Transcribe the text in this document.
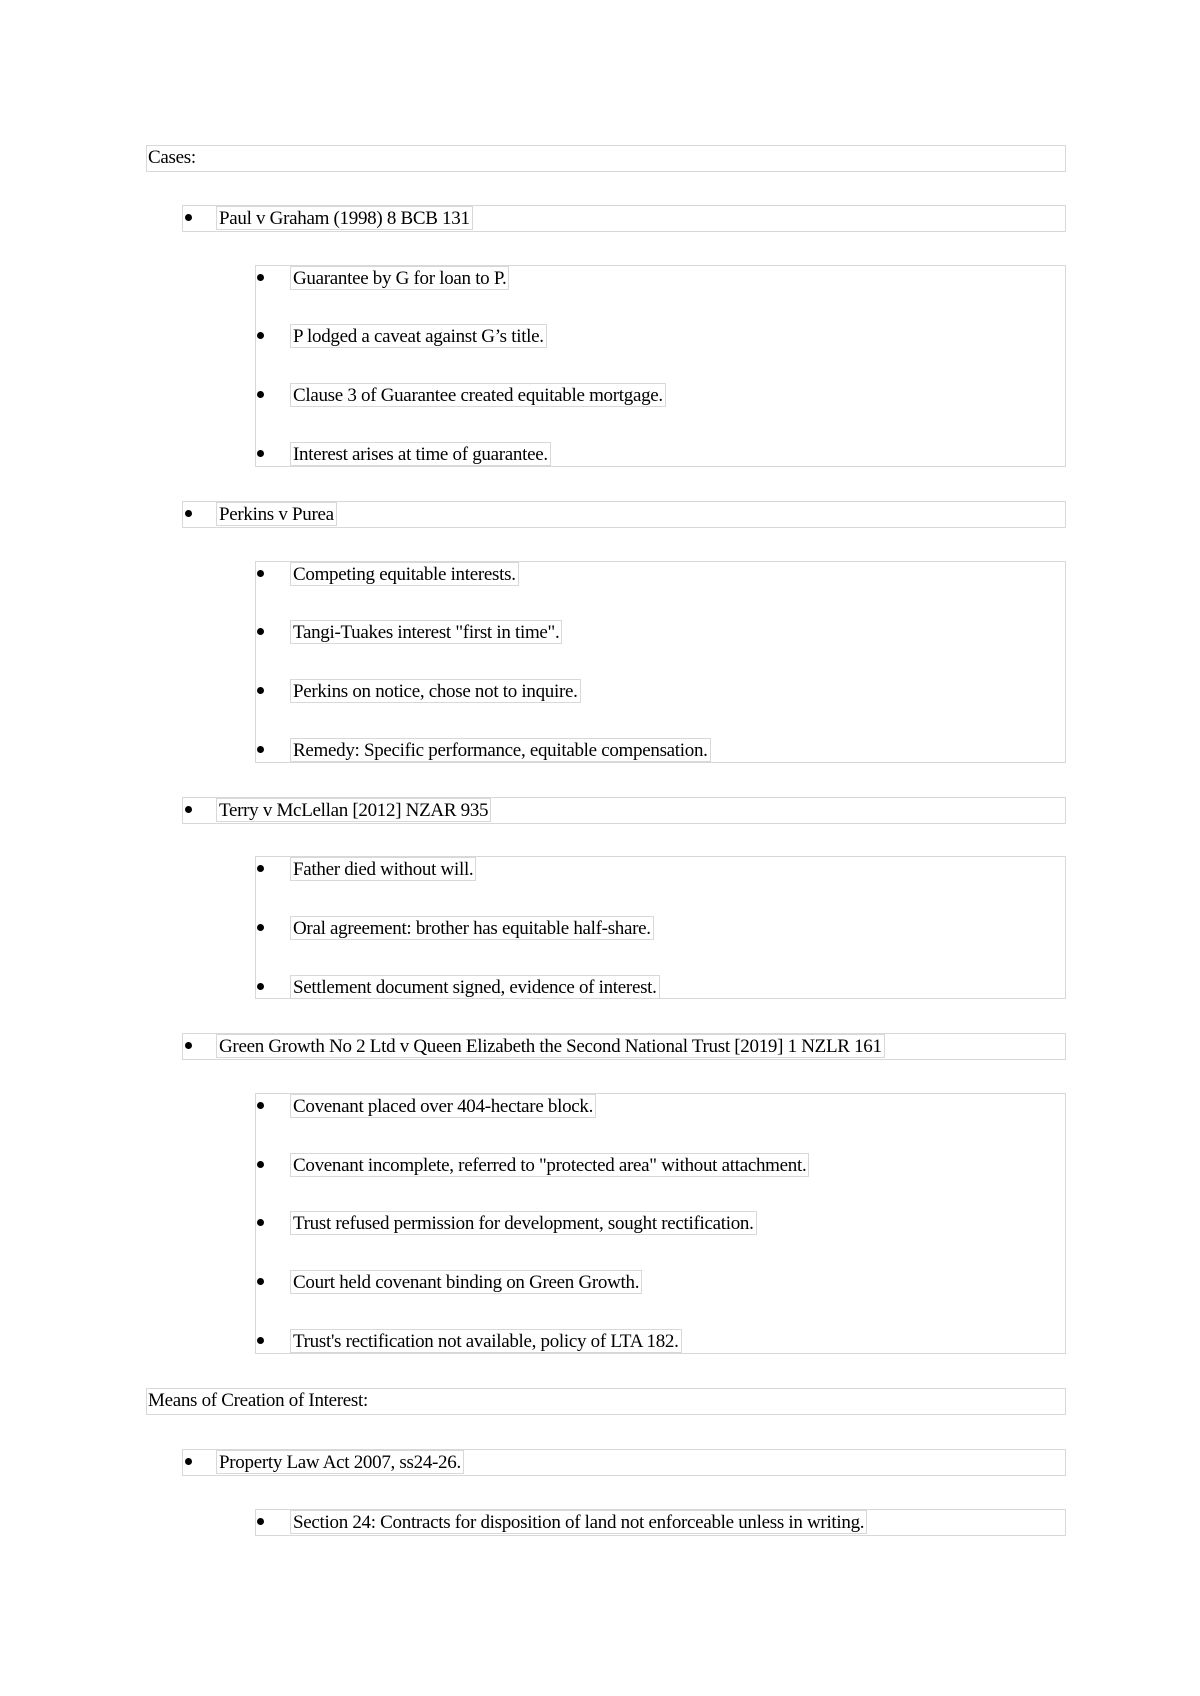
Cases:
Paul v Graham (1998) 8 BCB 131
Guarantee by G for loan to P.
P lodged a caveat against G’s title.
Clause 3 of Guarantee created equitable mortgage.
Interest arises at time of guarantee.
Perkins v Purea
Competing equitable interests.
Tangi-Tuakes interest "first in time".
Perkins on notice, chose not to inquire.
Remedy: Specific performance, equitable compensation.
Terry v McLellan [2012] NZAR 935
Father died without will.
Oral agreement: brother has equitable half-share.
Settlement document signed, evidence of interest.
Green Growth No 2 Ltd v Queen Elizabeth the Second National Trust [2019] 1 NZLR 161
Covenant placed over 404-hectare block.
Covenant incomplete, referred to "protected area" without attachment.
Trust refused permission for development, sought rectification.
Court held covenant binding on Green Growth.
Trust's rectification not available, policy of LTA 182.
Means of Creation of Interest:
Property Law Act 2007, ss24-26.
Section 24: Contracts for disposition of land not enforceable unless in writing.
